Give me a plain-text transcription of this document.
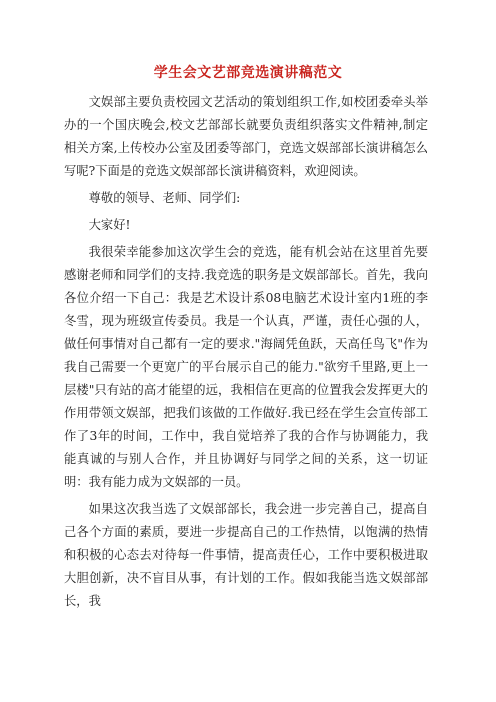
学生会文艺部竞选演讲稿范文

文娱部主要负责校园文艺活动的策划组织工作,如校团委牵头举办的一个国庆晚会,校文艺部部长就要负责组织落实文件精神,制定相关方案,上传校办公室及团委等部门，竞选文娱部部长演讲稿怎么写呢?下面是的竞选文娱部部长演讲稿资料，欢迎阅读。

尊敬的领导、老师、同学们:

大家好!

我很荣幸能参加这次学生会的竞选，能有机会站在这里首先要感谢老师和同学们的支持.我竞选的职务是文娱部部长。首先，我向各位介绍一下自己：我是艺术设计系08电脑艺术设计室内1班的李冬雪，现为班级宣传委员。我是一个认真，严谨，责任心强的人，做任何事情对自己都有一定的要求."海阔凭鱼跃，天高任鸟飞"作为我自己需要一个更宽广的平台展示自己的能力."欲穷千里路,更上一层楼"只有站的高才能望的远，我相信在更高的位置我会发挥更大的作用带领文娱部，把我们该做的工作做好.我已经在学生会宣传部工作了3年的时间，工作中，我自觉培养了我的合作与协调能力，我能真诚的与别人合作，并且协调好与同学之间的关系，这一切证明：我有能力成为文娱部的一员。

如果这次我当选了文娱部部长，我会进一步完善自己，提高自己各个方面的素质，要进一步提高自己的工作热情，以饱满的热情和积极的心态去对待每一件事情，提高责任心，工作中要积极进取大胆创新，决不盲目从事，有计划的工作。假如我能当选文娱部部长，我
